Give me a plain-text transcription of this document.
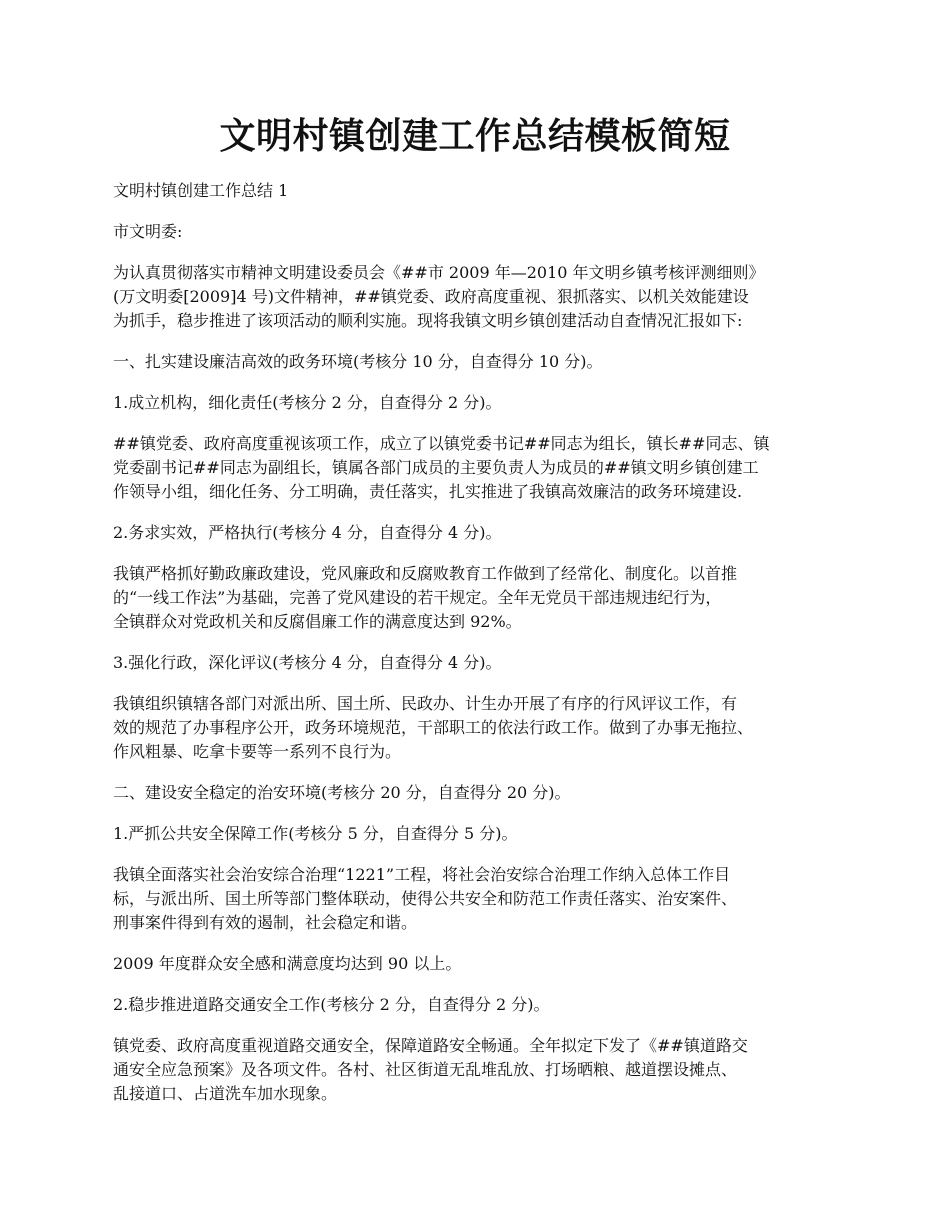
文明村镇创建工作总结模板简短

文明村镇创建工作总结 1

市文明委:

为认真贯彻落实市精神文明建设委员会《##市 2009 年—2010 年文明乡镇考核评测细则》
(万文明委[2009]4 号)文件精神，##镇党委、政府高度重视、狠抓落实、以机关效能建设
为抓手，稳步推进了该项活动的顺利实施。现将我镇文明乡镇创建活动自查情况汇报如下:

一、扎实建设廉洁高效的政务环境(考核分 10 分，自查得分 10 分)。

1.成立机构，细化责任(考核分 2 分，自查得分 2 分)。

##镇党委、政府高度重视该项工作，成立了以镇党委书记##同志为组长，镇长##同志、镇
党委副书记##同志为副组长，镇属各部门成员的主要负责人为成员的##镇文明乡镇创建工
作领导小组，细化任务、分工明确，责任落实，扎实推进了我镇高效廉洁的政务环境建设.

2.务求实效，严格执行(考核分 4 分，自查得分 4 分)。

我镇严格抓好勤政廉政建设，党风廉政和反腐败教育工作做到了经常化、制度化。以首推
的“一线工作法”为基础，完善了党风建设的若干规定。全年无党员干部违规违纪行为，
全镇群众对党政机关和反腐倡廉工作的满意度达到 92%。

3.强化行政，深化评议(考核分 4 分，自查得分 4 分)。

我镇组织镇辖各部门对派出所、国土所、民政办、计生办开展了有序的行风评议工作，有
效的规范了办事程序公开，政务环境规范，干部职工的依法行政工作。做到了办事无拖拉、
作风粗暴、吃拿卡要等一系列不良行为。

二、建设安全稳定的治安环境(考核分 20 分，自查得分 20 分)。

1.严抓公共安全保障工作(考核分 5 分，自查得分 5 分)。

我镇全面落实社会治安综合治理“1221”工程，将社会治安综合治理工作纳入总体工作目
标，与派出所、国土所等部门整体联动，使得公共安全和防范工作责任落实、治安案件、
刑事案件得到有效的遏制，社会稳定和谐。

2009 年度群众安全感和满意度均达到 90 以上。

2.稳步推进道路交通安全工作(考核分 2 分，自查得分 2 分)。

镇党委、政府高度重视道路交通安全，保障道路安全畅通。全年拟定下发了《##镇道路交
通安全应急预案》及各项文件。各村、社区街道无乱堆乱放、打场晒粮、越道摆设摊点、
乱接道口、占道洗车加水现象。
